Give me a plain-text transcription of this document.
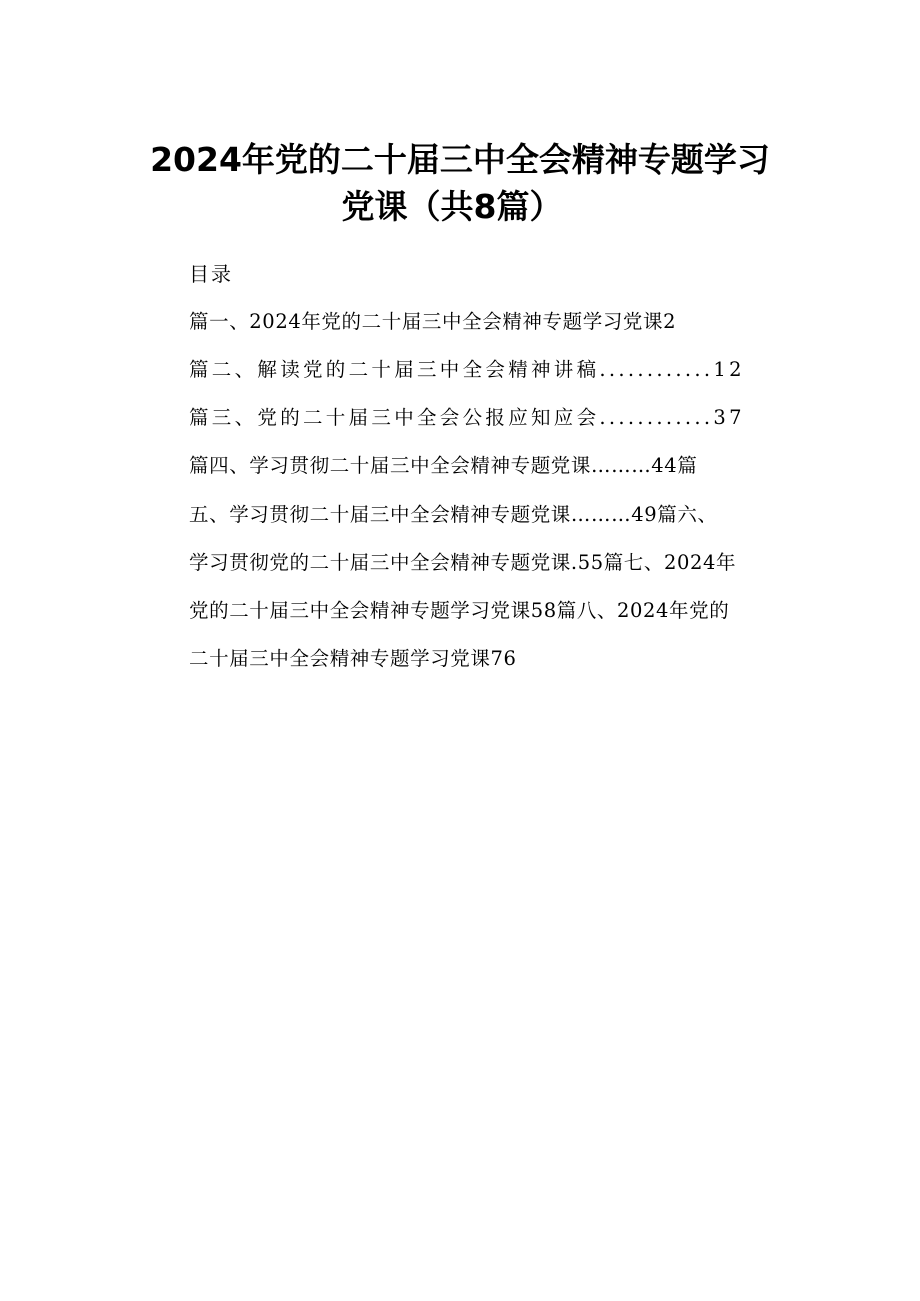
2024年党的二十届三中全会精神专题学习
党课（共8篇）
目录
篇一、2024年党的二十届三中全会精神专题学习党课2
篇二、解读党的二十届三中全会精神讲稿............12
篇三、党的二十届三中全会公报应知应会............37
篇四、学习贯彻二十届三中全会精神专题党课………44篇
五、学习贯彻二十届三中全会精神专题党课………49篇六、
学习贯彻党的二十届三中全会精神专题党课.55篇七、2024年
党的二十届三中全会精神专题学习党课58篇八、2024年党的
二十届三中全会精神专题学习党课76
